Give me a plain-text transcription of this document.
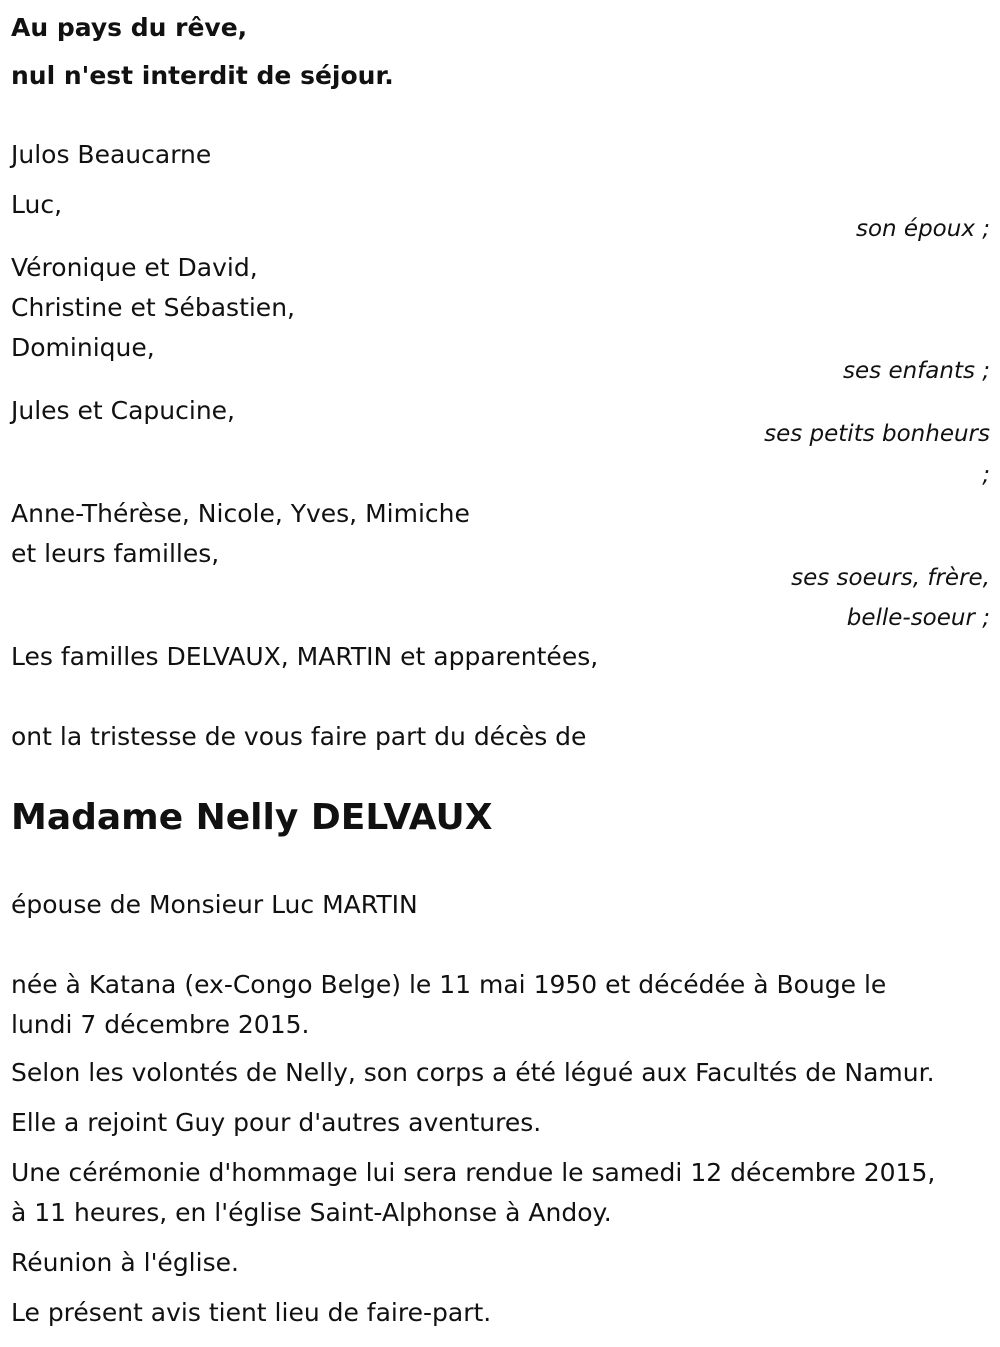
Au pays du rêve,

nul n'est interdit de séjour.

Julos Beaucarne

Luc,

son époux ;

Véronique et David,

Christine et Sébastien,

Dominique,

ses enfants ;

Jules et Capucine,

ses petits bonheurs

;

Anne-Thérèse, Nicole, Yves, Mimiche

et leurs familles,

ses soeurs, frère,

belle-soeur ;

Les familles DELVAUX, MARTIN et apparentées,

ont la tristesse de vous faire part du décès de

Madame Nelly DELVAUX

épouse de Monsieur Luc MARTIN

née à Katana (ex-Congo Belge) le 11 mai 1950 et décédée à Bouge le

lundi 7 décembre 2015.

Selon les volontés de Nelly, son corps a été légué aux Facultés de Namur.

Elle a rejoint Guy pour d'autres aventures.

Une cérémonie d'hommage lui sera rendue le samedi 12 décembre 2015,

à 11 heures, en l'église Saint-Alphonse à Andoy.

Réunion à l'église.

Le présent avis tient lieu de faire-part.
